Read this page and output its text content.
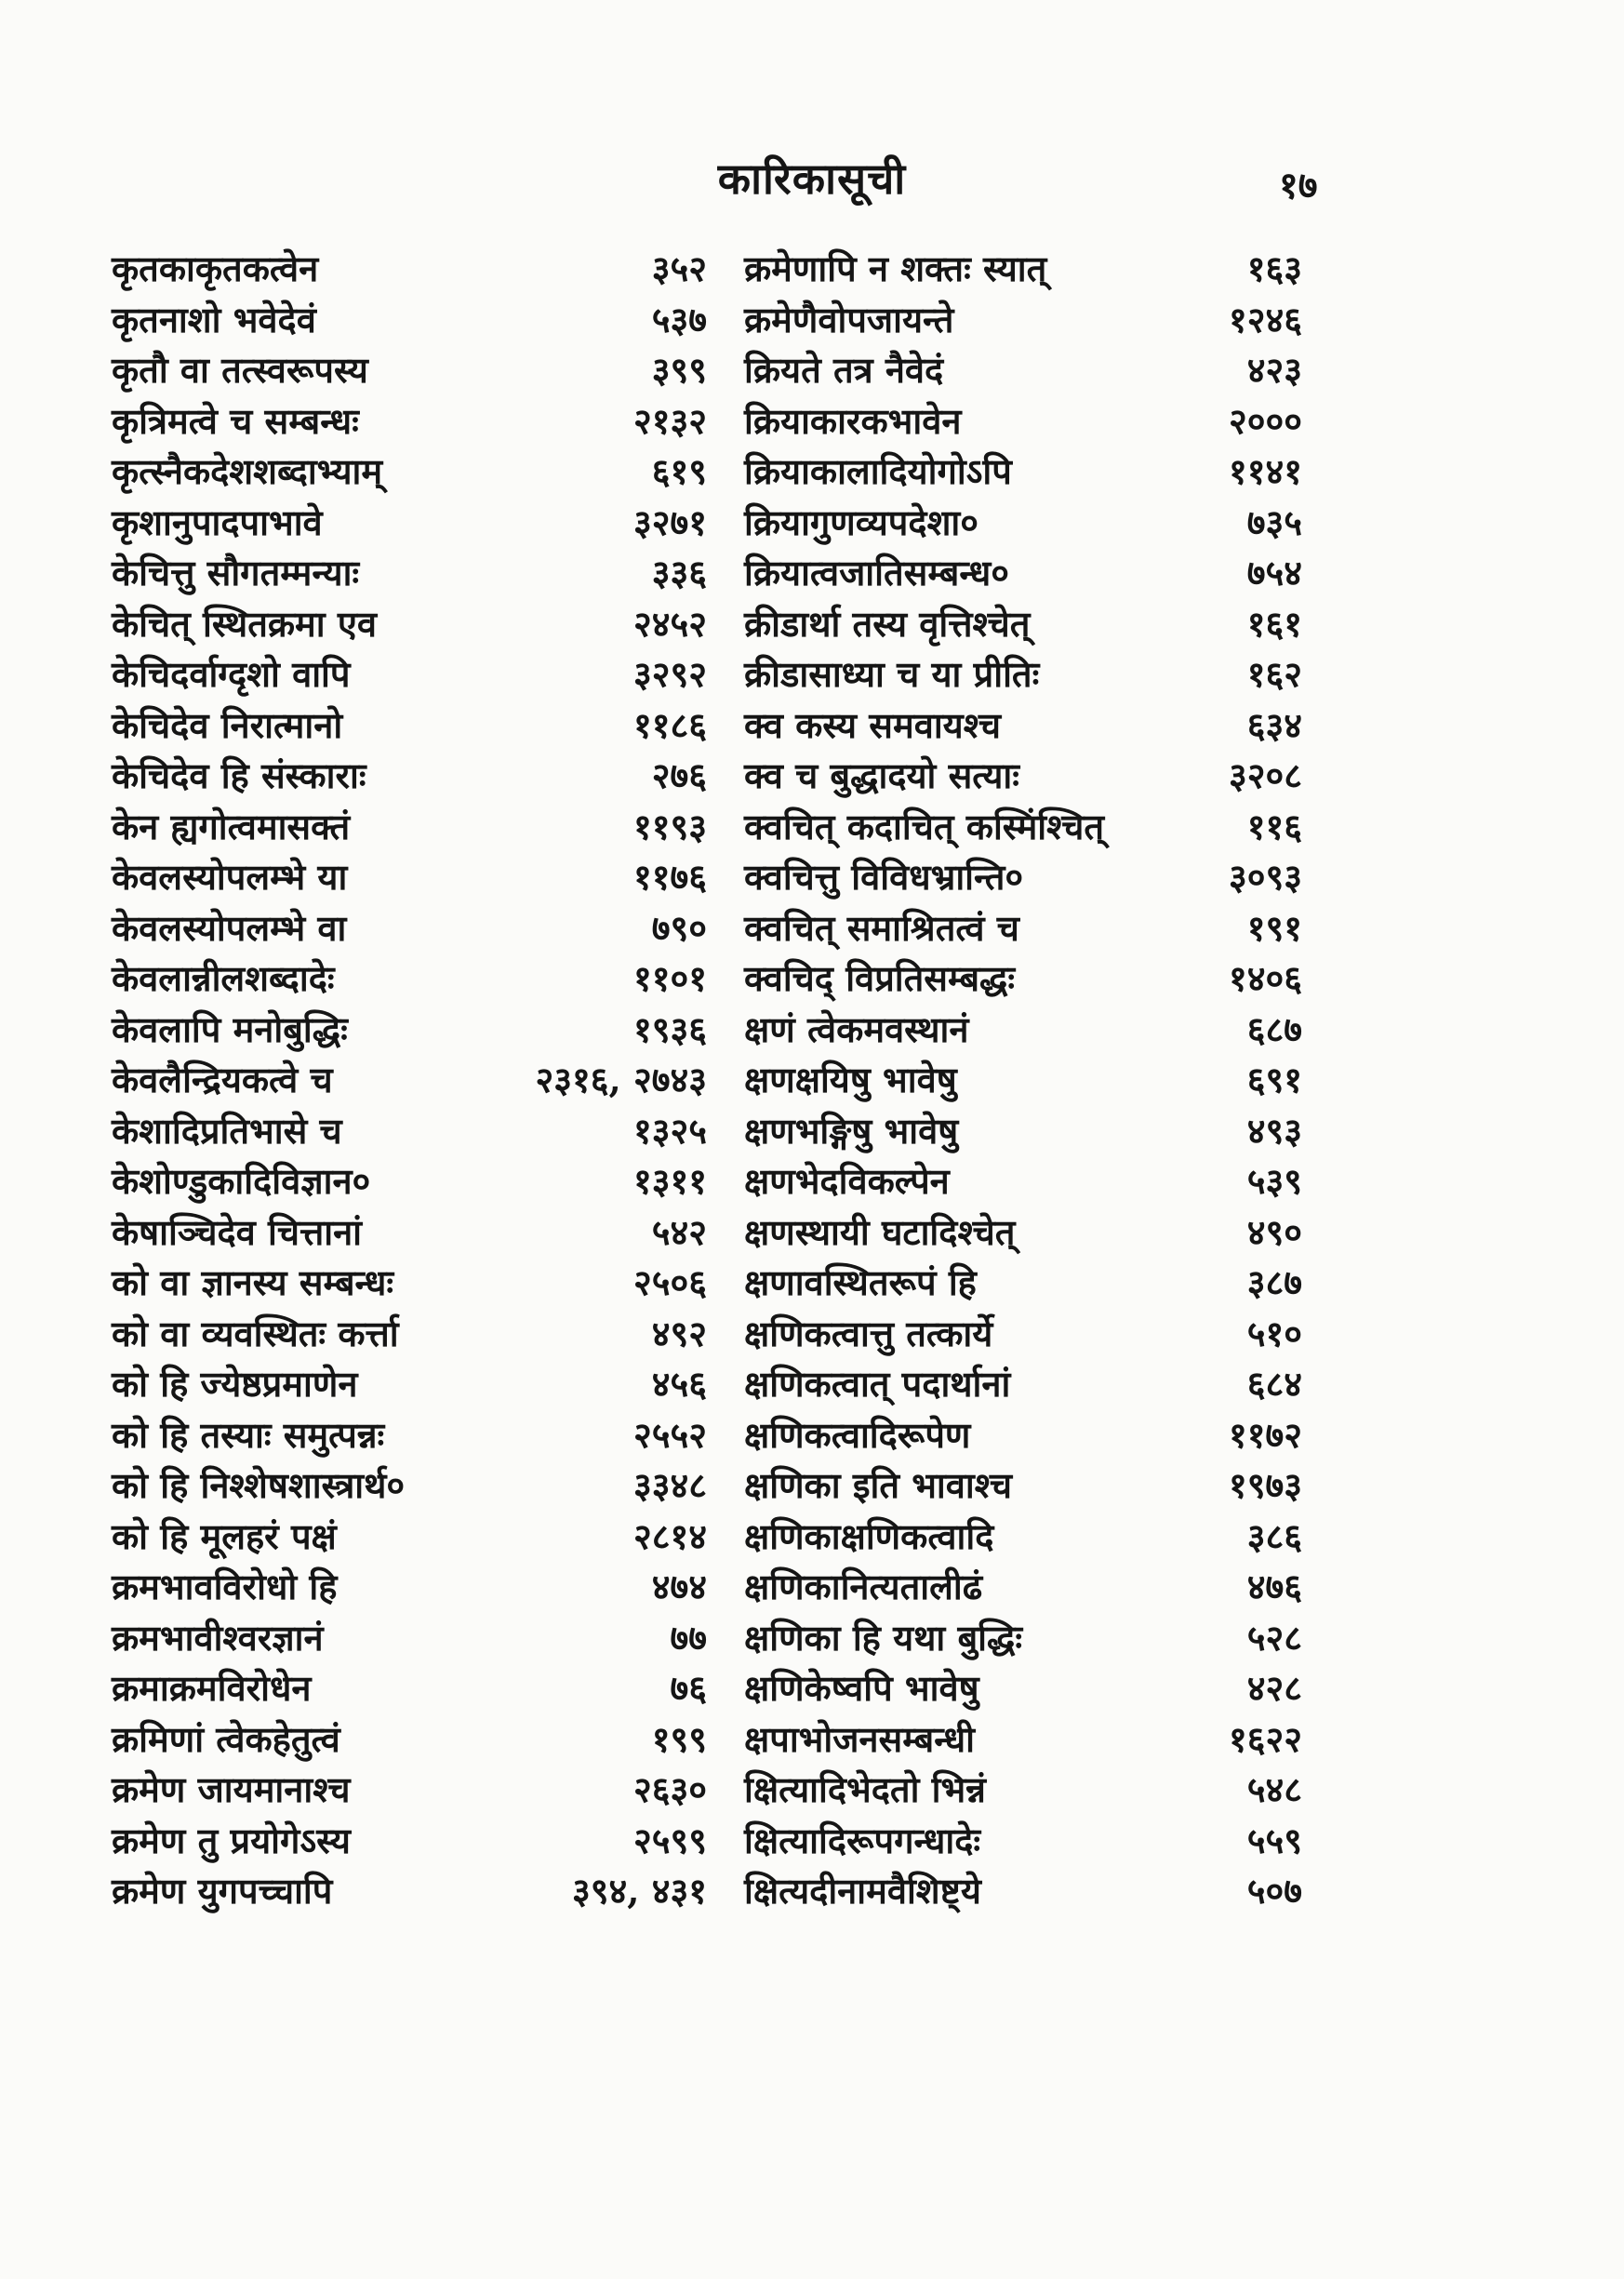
कारिकासूची	१७
कृतकाकृतकत्वेन	३५२
कृतनाशो भवेदेवं	५३७
कृतौ वा तत्स्वरूपस्य	३९९
कृत्रिमत्वे च सम्बन्धः	२१३२
कृत्स्नैकदेशशब्दाभ्याम्	६१९
कृशानुपादपाभावे	३२७१
केचित्तु सौगतम्मन्याः	३३६
केचित् स्थितक्रमा एव	२४५२
केचिदर्वाग्दृशो वापि	३२९२
केचिदेव निरात्मानो	११८६
केचिदेव हि संस्काराः	२७६
केन ह्यगोत्वमासक्तं	११९३
केवलस्योपलम्भे या	११७६
केवलस्योपलम्भे वा	७९०
केवलान्नीलशब्दादेः	११०१
केवलापि मनोबुद्धिः	१९३६
केवलैन्द्रियकत्वे च	२३१६, २७४३
केशादिप्रतिभासे च	१३२५
केशोण्डुकादिविज्ञान०	१३११
केषाञ्चिदेव चित्तानां	५४२
को वा ज्ञानस्य सम्बन्धः	२५०६
को वा व्यवस्थितः कर्त्ता	४९२
को हि ज्येष्ठप्रमाणेन	४५६
को हि तस्याः समुत्पन्नः	२५५२
को हि निश्शेषशास्त्रार्थ०	३३४८
को हि मूलहरं पक्षं	२८१४
क्रमभावविरोधो हि	४७४
क्रमभावीश्वरज्ञानं	७७
क्रमाक्रमविरोधेन	७६
क्रमिणां त्वेकहेतुत्वं	१९९
क्रमेण जायमानाश्च	२६३०
क्रमेण तु प्रयोगेऽस्य	२५९९
क्रमेण युगपच्चापि	३९४, ४३१
क्रमेणापि न शक्तः स्यात्	१६३
क्रमेणैवोपजायन्ते	१२४६
क्रियते तत्र नैवेदं	४२३
क्रियाकारकभावेन	२०००
क्रियाकालादियोगोऽपि	११४१
क्रियागुणव्यपदेशा०	७३५
क्रियात्वजातिसम्बन्ध०	७५४
क्रीडार्था तस्य वृत्तिश्चेत्	१६१
क्रीडासाध्या च या प्रीतिः	१६२
क्व कस्य समवायश्च	६३४
क्व च बुद्धादयो सत्याः	३२०८
क्वचित् कदाचित् कस्मिंश्चित्	११६
क्वचित्तु विविधभ्रान्ति०	३०९३
क्वचित् समाश्रितत्वं च	१९१
क्वचिद् विप्रतिसम्बद्धः	१४०६
क्षणं त्वेकमवस्थानं	६८७
क्षणक्षयिषु भावेषु	६९१
क्षणभङ्गिषु भावेषु	४९३
क्षणभेदविकल्पेन	५३९
क्षणस्थायी घटादिश्चेत्	४९०
क्षणावस्थितरूपं हि	३८७
क्षणिकत्वात्तु तत्कार्ये	५१०
क्षणिकत्वात् पदार्थानां	६८४
क्षणिकत्वादिरूपेण	११७२
क्षणिका इति भावाश्च	१९७३
क्षणिकाक्षणिकत्वादि	३८६
क्षणिकानित्यतालीढं	४७६
क्षणिका हि यथा बुद्धिः	५२८
क्षणिकेष्वपि भावेषु	४२८
क्षपाभोजनसम्बन्धी	१६२२
क्षित्यादिभेदतो भिन्नं	५४८
क्षित्यादिरूपगन्धादेः	५५९
क्षित्यदीनामवैशिष्ट्ये	५०७
